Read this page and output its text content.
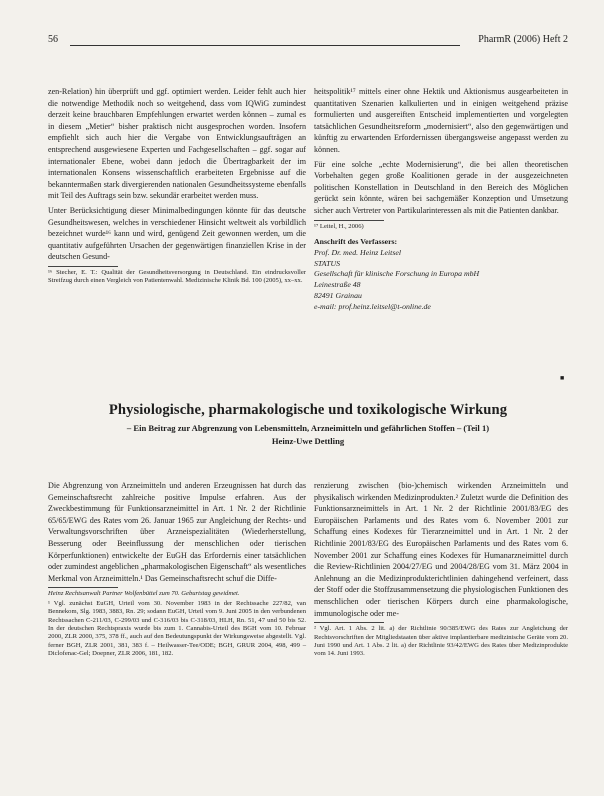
56	PharmR (2006) Heft 2

zen-Relation) hin überprüft und ggf. optimiert werden. Leider fehlt auch hier die notwendige Methodik noch so weitgehend, dass vom IQWiG zumindest derzeit keine brauchbaren Empfehlungen erwartet werden können – zumal es in diesem „Metier“ bisher praktisch nicht ausgesprochen worden. Insofern empfiehlt sich auch hier die Vergabe von Entwicklungsaufträgen an entsprechend ausgewiesene Experten und Fachgesellschaften – ggf. sogar auf internationaler Ebene, wobei dann jedoch die Übertragbarkeit der im internationalen Konsens wissenschaftlich erarbeiteten Ergebnisse auf die bekanntermaßen stark divergierenden nationalen Gesundheitssysteme ebenfalls mit Teil des Auftrags sein bzw. sekundär erarbeitet werden muss.

Unter Berücksichtigung dieser Minimalbedingungen könnte für das deutsche Gesundheitswesen, welches in verschiedener Hinsicht weltweit als vorbildlich bezeichnet wurde¹⁶ kann und wird, genügend Zeit gewonnen werden, um die quantitativ aufgeführten Ursachen der gegenwärtigen finanziellen Krise in der deutschen Gesund-

¹⁶ Stecher, E. T.: Qualität der Gesundheitsversorgung in Deutschland. Ein eindrucksvoller Streifzug durch einen Vergleich von Patientenwahl. Medizinische Klinik Bd. 100 (2005), xx–xx.

heitspolitik¹⁷ mittels einer ohne Hektik und Aktionismus ausgearbeiteten in quantitativen Szenarien kalkulierten und in einigen weitgehend präzise formulierten und ausgereiften Entscheid implementierten und vorgelegten tatsächlichen Gesundheitsreform „modernisiert“, also den gegenwärtigen und künftig zu erwartenden Erfordernissen übergangsweise angepasst werden zu können.

Für eine solche „echte Modernisierung“, die bei allen theoretischen Vorbehalten gegen große Koalitionen gerade in der ausgezeichneten politischen Konstellation in Deutschland in den Bereich des Möglichen gerückt sein könnte, wären bei sachgemäßer Konzeption und Umsetzung sicher auch Vertreter von Partikularinteressen als mit die Patienten dankbar.

¹⁷ Leitel, H., 2006)

Anschrift des Verfassers:
Prof. Dr. med. Heinz Leitsel
STATUS
Gesellschaft für klinische Forschung in Europa mbH
Leinestraße 48
82491 Grainau
e-mail: prof.heinz.leitsel@t-online.de
■

Physiologische, pharmakologische und toxikologische Wirkung

– Ein Beitrag zur Abgrenzung von Lebensmitteln, Arzneimitteln und gefährlichen Stoffen – (Teil 1)

Heinz-Uwe Dettling

Die Abgrenzung von Arzneimitteln und anderen Erzeugnissen hat durch das Gemeinschaftsrecht zahlreiche positive Impulse erfahren. Aus der Zweckbestimmung für Funktionsarzneimittel in Art. 1 Nr. 2 der Richtlinie 65/65/EWG des Rates vom 26. Januar 1965 zur Angleichung der Rechts- und Verwaltungsvorschriften über Arzneispezialitäten (Wiederherstellung, Besserung oder Beeinflussung der menschlichen oder tierischen Körperfunktionen) entwickelte der EuGH das Erfordernis einer tatsächlichen oder zumindest angeblichen „pharmakologischen Eigenschaft“ als wesentliches Merkmal von Arzneimitteln.¹ Das Gemeinschaftsrecht schuf die Diffe-

Heinz Rechtsanwalt Partner Wolfenbüttel zum 70. Geburtstag gewidmet.

¹ Vgl. zunächst EuGH, Urteil vom 30. November 1983 in der Rechtssache 227/82, van Bennekom, Slg. 1983, 3883, Rn. 29; sodann EuGH, Urteil vom 9. Juni 2005 in den verbundenen Rechtssachen C-211/03, C-299/03 und C-316/03 bis C-318/03, HLH, Rn. 51, 47 und 50 bis 52. In der deutschen Rechtspraxis wurde bis zum 1. Cannabis-Urteil des BGH vom 10. Februar 2000, ZLR 2000, 375, 378 ff., auch auf den Bedeutungspunkt der Wirkungsweise abgestellt. Vgl. ferner BGH, ZLR 2001, 381, 383 f. – Heilwasser-Tee/ODE; BGH, GRUR 2004, 498, 499 – Diclofenac-Gel; Doepner, ZLR 2006, 181, 182.

renzierung zwischen (bio-)chemisch wirkenden Arzneimitteln und physikalisch wirkenden Medizinprodukten.² Zuletzt wurde die Definition des Funktionsarzneimittels in Art. 1 Nr. 2 der Richtlinie 2001/83/EG des Europäischen Parlaments und des Rates vom 6. November 2001 zur Schaffung eines Kodexes für Tierarzneimittel und in Art. 1 Nr. 2 der Richtlinie 2001/83/EG des Europäischen Parlaments und des Rates vom 6. November 2001 zur Schaffung eines Kodexes für Humanarzneimittel durch die Review-Richtlinien 2004/27/EG und 2004/28/EG vom 31. März 2004 in Anlehnung an die Medizinprodukterichtlinien dahingehend verfeinert, dass der Stoff oder die Stoffzusammensetzung die physiologischen Funktionen des menschlichen oder tierischen Körpers durch eine pharmakologische, immunologische oder me-

² Vgl. Art. 1 Abs. 2 lit. a) der Richtlinie 90/385/EWG des Rates zur Angleichung der Rechtsvorschriften der Mitgliedstaaten über aktive implantierbare medizinische Geräte vom 20. Juni 1990 und Art. 1 Abs. 2 lit. a) der Richtlinie 93/42/EWG des Rates über Medizinprodukte vom 14. Juni 1993.
